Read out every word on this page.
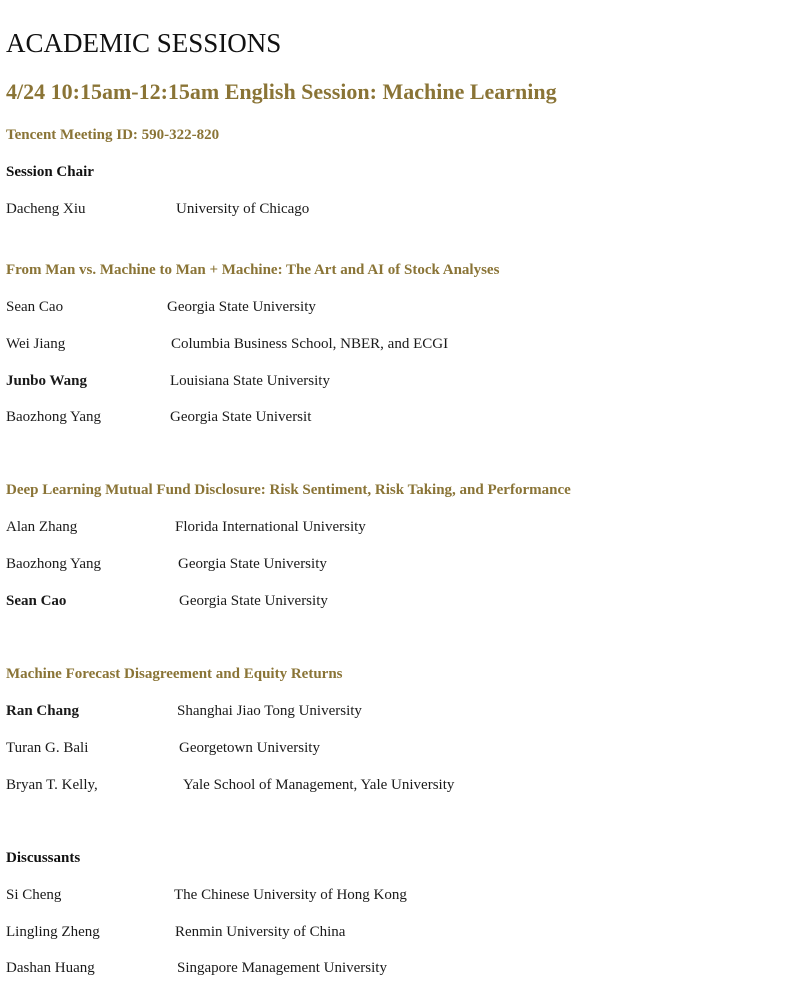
ACADEMIC SESSIONS
4/24 10:15am-12:15am English Session: Machine Learning
Tencent Meeting ID: 590-322-820
Session Chair
Dacheng Xiu	University of Chicago
From Man vs. Machine to Man + Machine: The Art and AI of Stock Analyses
Sean Cao	Georgia State University
Wei Jiang	Columbia Business School, NBER, and ECGI
Junbo Wang	Louisiana State University
Baozhong Yang	Georgia State Universit
Deep Learning Mutual Fund Disclosure: Risk Sentiment, Risk Taking, and Performance
Alan Zhang	Florida International University
Baozhong Yang	Georgia State University
Sean Cao	Georgia State University
Machine Forecast Disagreement and Equity Returns
Ran Chang	Shanghai Jiao Tong University
Turan G. Bali	Georgetown University
Bryan T. Kelly,	Yale School of Management, Yale University
Discussants
Si Cheng	The Chinese University of Hong Kong
Lingling Zheng	Renmin University of China
Dashan Huang	Singapore Management University
